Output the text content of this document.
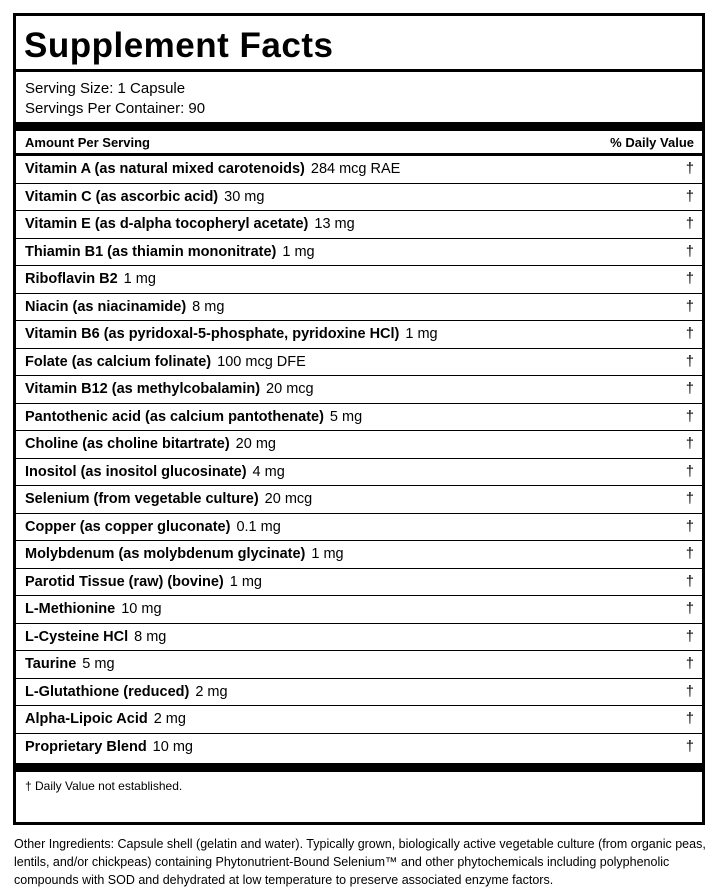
Supplement Facts
Serving Size: 1 Capsule
Servings Per Container: 90
Amount Per Serving	% Daily Value
Vitamin A (as natural mixed carotenoids) 284 mcg RAE	†
Vitamin C (as ascorbic acid) 30 mg	†
Vitamin E (as d-alpha tocopheryl acetate) 13 mg	†
Thiamin B1 (as thiamin mononitrate) 1 mg	†
Riboflavin B2 1 mg	†
Niacin (as niacinamide) 8 mg	†
Vitamin B6 (as pyridoxal-5-phosphate, pyridoxine HCl) 1 mg	†
Folate (as calcium folinate) 100 mcg DFE	†
Vitamin B12 (as methylcobalamin) 20 mcg	†
Pantothenic acid (as calcium pantothenate) 5 mg	†
Choline (as choline bitartrate) 20 mg	†
Inositol (as inositol glucosinate) 4 mg	†
Selenium (from vegetable culture) 20 mcg	†
Copper (as copper gluconate) 0.1 mg	†
Molybdenum (as molybdenum glycinate) 1 mg	†
Parotid Tissue (raw) (bovine) 1 mg	†
L-Methionine 10 mg	†
L-Cysteine HCl 8 mg	†
Taurine 5 mg	†
L-Glutathione (reduced) 2 mg	†
Alpha-Lipoic Acid 2 mg	†
Proprietary Blend 10 mg	†
† Daily Value not established.
Other Ingredients: Capsule shell (gelatin and water). Typically grown, biologically active vegetable culture (from organic peas, lentils, and/or chickpeas) containing Phytonutrient-Bound Selenium™ and other phytochemicals including polyphenolic compounds with SOD and dehydrated at low temperature to preserve associated enzyme factors.
